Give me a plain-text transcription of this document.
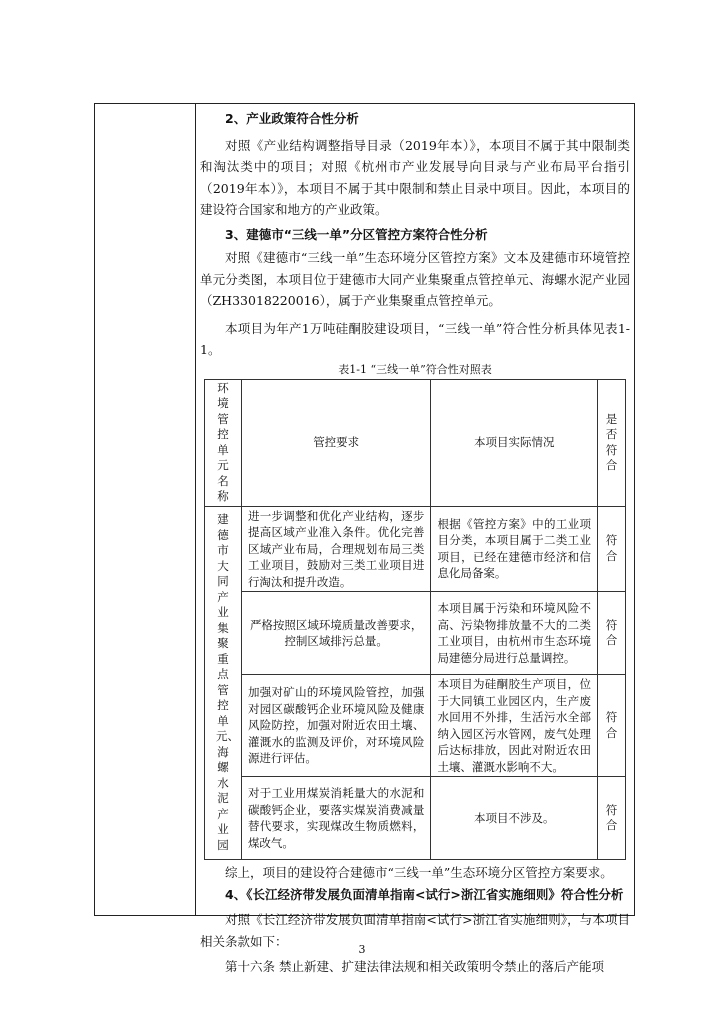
2、产业政策符合性分析

对照《产业结构调整指导目录（2019年本）》，本项目不属于其中限制类和淘汰类中的项目；对照《杭州市产业发展导向目录与产业布局平台指引（2019年本）》，本项目不属于其中限制和禁止目录中项目。因此，本项目的建设符合国家和地方的产业政策。

3、建德市“三线一单”分区管控方案符合性分析

对照《建德市“三线一单”生态环境分区管控方案》文本及建德市环境管控单元分类图，本项目位于建德市大同产业集聚重点管控单元、海螺水泥产业园（ZH33018220016），属于产业集聚重点管控单元。

本项目为年产1万吨硅酮胶建设项目，“三线一单”符合性分析具体见表1-1。

表1-1 “三线一单”符合性对照表

环境管控单元名称	管控要求	本项目实际情况	是否符合

建德市大同产业集聚重点管控单元、海螺水泥产业园	进一步调整和优化产业结构，逐步提高区域产业准入条件。优化完善区域产业布局，合理规划布局三类工业项目，鼓励对三类工业项目进行淘汰和提升改造。	根据《管控方案》中的工业项目分类，本项目属于二类工业项目，已经在建德市经济和信息化局备案。	符合

	严格按照区域环境质量改善要求，控制区域排污总量。	本项目属于污染和环境风险不高、污染物排放量不大的二类工业项目，由杭州市生态环境局建德分局进行总量调控。	符合

	加强对矿山的环境风险管控，加强对园区碳酸钙企业环境风险及健康风险防控，加强对附近农田土壤、灌溉水的监测及评价，对环境风险源进行评估。	本项目为硅酮胶生产项目，位于大同镇工业园区内，生产废水回用不外排，生活污水全部纳入园区污水管网，废气处理后达标排放，因此对附近农田土壤、灌溉水影响不大。	符合

	对于工业用煤炭消耗量大的水泥和碳酸钙企业，要落实煤炭消费减量替代要求，实现煤改生物质燃料，煤改气。	本项目不涉及。	符合

综上，项目的建设符合建德市“三线一单”生态环境分区管控方案要求。

4、《长江经济带发展负面清单指南<试行>浙江省实施细则》符合性分析

对照《长江经济带发展负面清单指南<试行>浙江省实施细则》，与本项目相关条款如下：

第十六条 禁止新建、扩建法律法规和相关政策明令禁止的落后产能项

3
